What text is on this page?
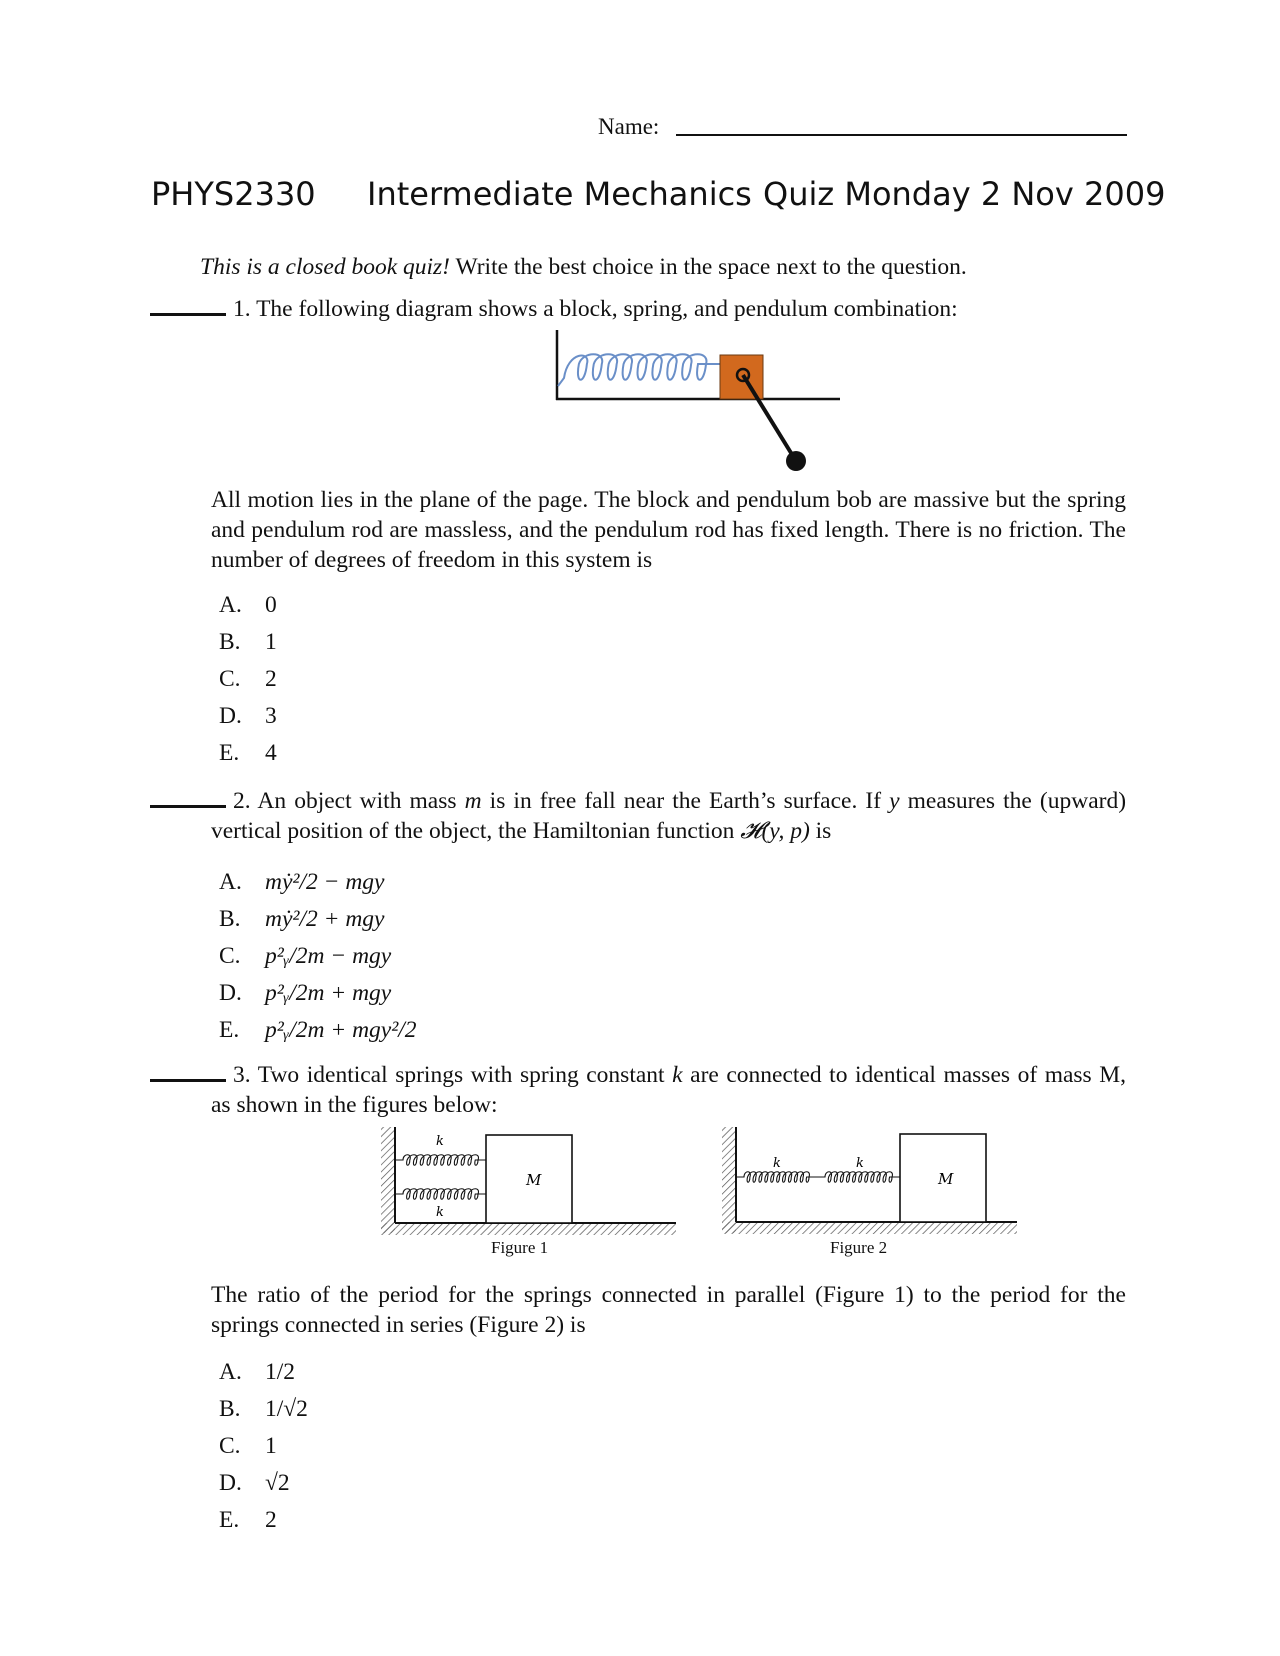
Name:
PHYS2330 Intermediate Mechanics Quiz Monday 2 Nov 2009
This is a closed book quiz! Write the best choice in the space next to the question.
1. The following diagram shows a block, spring, and pendulum combination:
All motion lies in the plane of the page. The block and pendulum bob are massive but the spring and pendulum rod are massless, and the pendulum rod has fixed length. There is no friction. The number of degrees of freedom in this system is
A. 0
B. 1
C. 2
D. 3
E. 4
2. An object with mass m is in free fall near the Earth’s surface. If y measures the (upward) vertical position of the object, the Hamiltonian function 𝓗(y, p) is
A. mẏ²/2 − mgy
B. mẏ²/2 + mgy
C. p²ᵧ/2m − mgy
D. p²ᵧ/2m + mgy
E. p²ᵧ/2m + mgy²/2
3. Two identical springs with spring constant k are connected to identical masses of mass M, as shown in the figures below:
M
k
k
Figure 1
M
k	k
Figure 2
The ratio of the period for the springs connected in parallel (Figure 1) to the period for the springs connected in series (Figure 2) is
A. 1/2
B. 1/√2
C. 1
D. √2
E. 2
